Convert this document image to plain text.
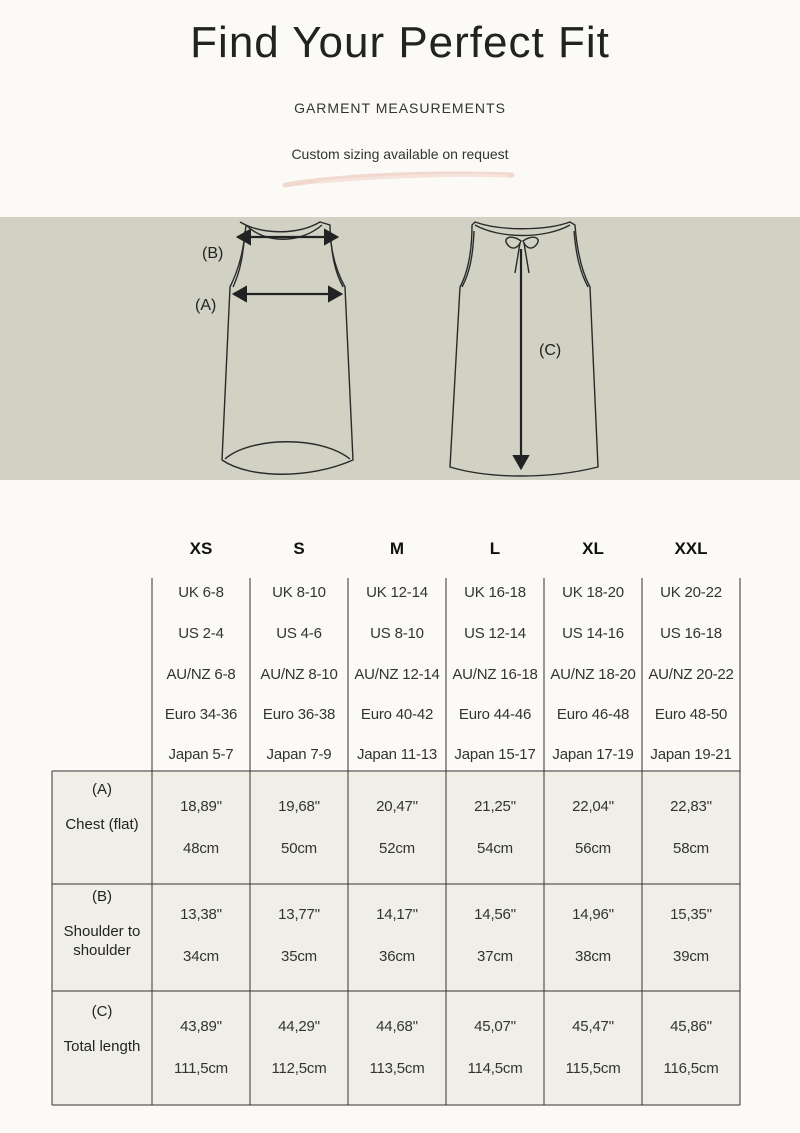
Find Your Perfect Fit
GARMENT MEASUREMENTS
Custom sizing available on request
(B)
(A)
(C)
XS	S	M	L	XL	XXL
UK 6-8	UK 8-10	UK 12-14	UK 16-18	UK 18-20	UK 20-22
US 2-4	US 4-6	US 8-10	US 12-14	US 14-16	US 16-18
AU/NZ 6-8	AU/NZ 8-10	AU/NZ 12-14 AU/NZ 16-18 AU/NZ 18-20 AU/NZ 20-22
Euro 34-36	Euro 36-38	Euro 40-42	Euro 44-46	Euro 46-48	Euro 48-50
Japan 5-7	Japan 7-9	Japan 11-13	Japan 15-17	Japan 17-19	Japan 19-21
(A)
Chest (flat)
18,89"	19,68"	20,47"	21,25"	22,04"	22,83"
48cm	50cm	52cm	54cm	56cm	58cm
(B)
Shoulder to
shoulder
13,38"	13,77"	14,17"	14,56"	14,96"	15,35"
34cm	35cm	36cm	37cm	38cm	39cm
(C)
Total length
43,89"	44,29"	44,68"	45,07"	45,47"	45,86"
111,5cm	112,5cm	113,5cm	114,5cm	115,5cm	116,5cm
